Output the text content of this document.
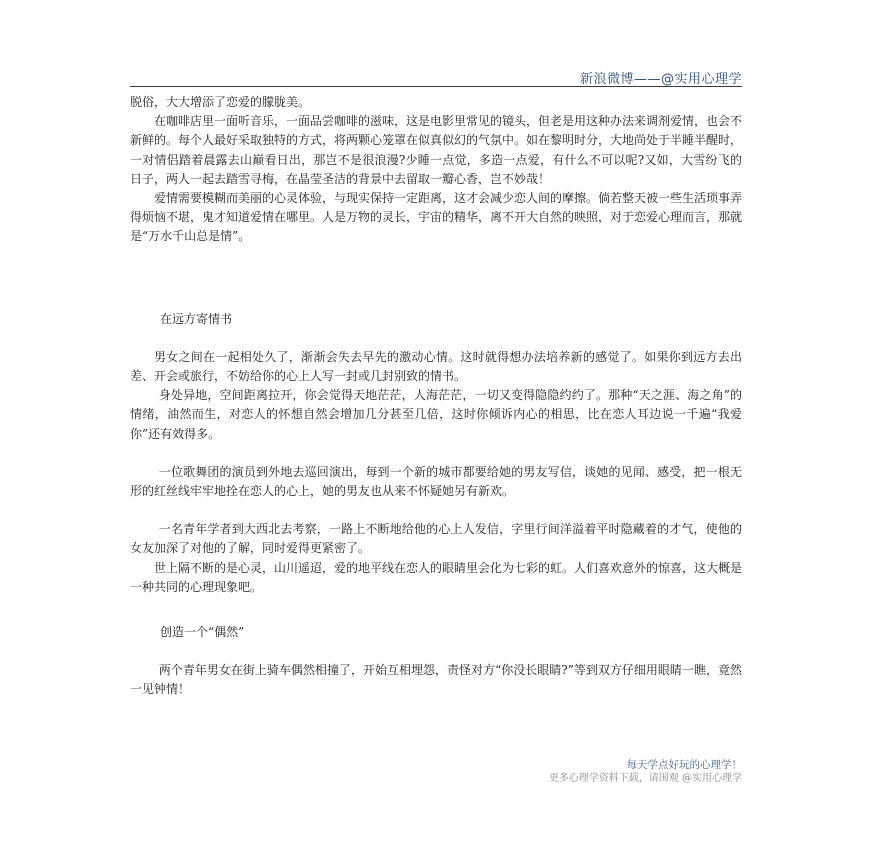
新浪微博——@实用心理学

脱俗，大大增添了恋爱的朦胧美。

在咖啡店里一面听音乐，一面品尝咖啡的滋味，这是电影里常见的镜头，但老是用这种办法来调剂爱情，也会不新鲜的。每个人最好采取独特的方式，将两颗心笼罩在似真似幻的气氛中。如在黎明时分，大地尚处于半睡半醒时，一对情侣踏着晨露去山巅看日出，那岂不是很浪漫?少睡一点觉，多造一点爱，有什么不可以呢?又如，大雪纷飞的日子，两人一起去踏雪寻梅，在晶莹圣洁的背景中去留取一瓣心香，岂不妙哉！

爱情需要模糊而美丽的心灵体验，与现实保持一定距离，这才会减少恋人间的摩擦。倘若整天被一些生活琐事弄得烦恼不堪，鬼才知道爱情在哪里。人是万物的灵长，宇宙的精华，离不开大自然的映照，对于恋爱心理而言，那就是“万水千山总是情”。

在远方寄情书

男女之间在一起相处久了，渐渐会失去早先的激动心情。这时就得想办法培养新的感觉了。如果你到远方去出差、开会或旅行，不妨给你的心上人写一封或几封别致的情书。

身处异地，空间距离拉开，你会觉得天地茫茫，人海茫茫，一切又变得隐隐约约了。那种“天之涯、海之角”的情绪，油然而生，对恋人的怀想自然会增加几分甚至几倍，这时你倾诉内心的相思，比在恋人耳边说一千遍“我爱你”还有效得多。

一位歌舞团的演员到外地去巡回演出，每到一个新的城市都要给她的男友写信，谈她的见闻、感受，把一根无形的红丝线牢牢地拴在恋人的心上，她的男友也从来不怀疑她另有新欢。

一名青年学者到大西北去考察，一路上不断地给他的心上人发信，字里行间洋溢着平时隐藏着的才气，使他的女友加深了对他的了解，同时爱得更紧密了。

世上隔不断的是心灵，山川遥迢，爱的地平线在恋人的眼睛里会化为七彩的虹。人们喜欢意外的惊喜，这大概是一种共同的心理现象吧。

创造一个“偶然”

两个青年男女在街上骑车偶然相撞了，开始互相埋怨，责怪对方“你没长眼睛?”等到双方仔细用眼睛一瞧，竟然一见钟情！

每天学点好玩的心理学！
更多心理学资料下载，请围观 @实用心理学
